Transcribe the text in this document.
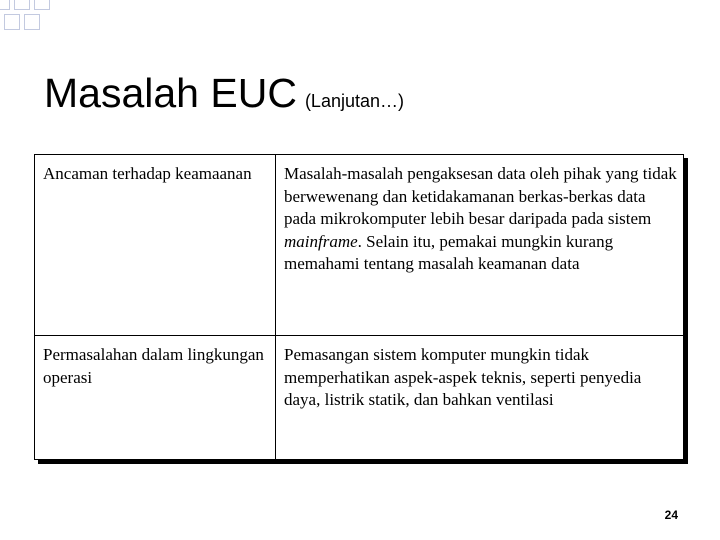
Masalah EUC (Lanjutan…)
Ancaman terhadap keamaanan	Masalah-masalah pengaksesan data oleh pihak yang tidak berwewenang dan ketidakamanan berkas-berkas data pada mikrokomputer lebih besar daripada pada sistem mainframe. Selain itu, pemakai mungkin kurang memahami tentang masalah keamanan data
Permasalahan dalam lingkungan operasi	Pemasangan sistem komputer mungkin tidak memperhatikan aspek-aspek teknis, seperti penyedia daya, listrik statik, dan bahkan ventilasi
24
